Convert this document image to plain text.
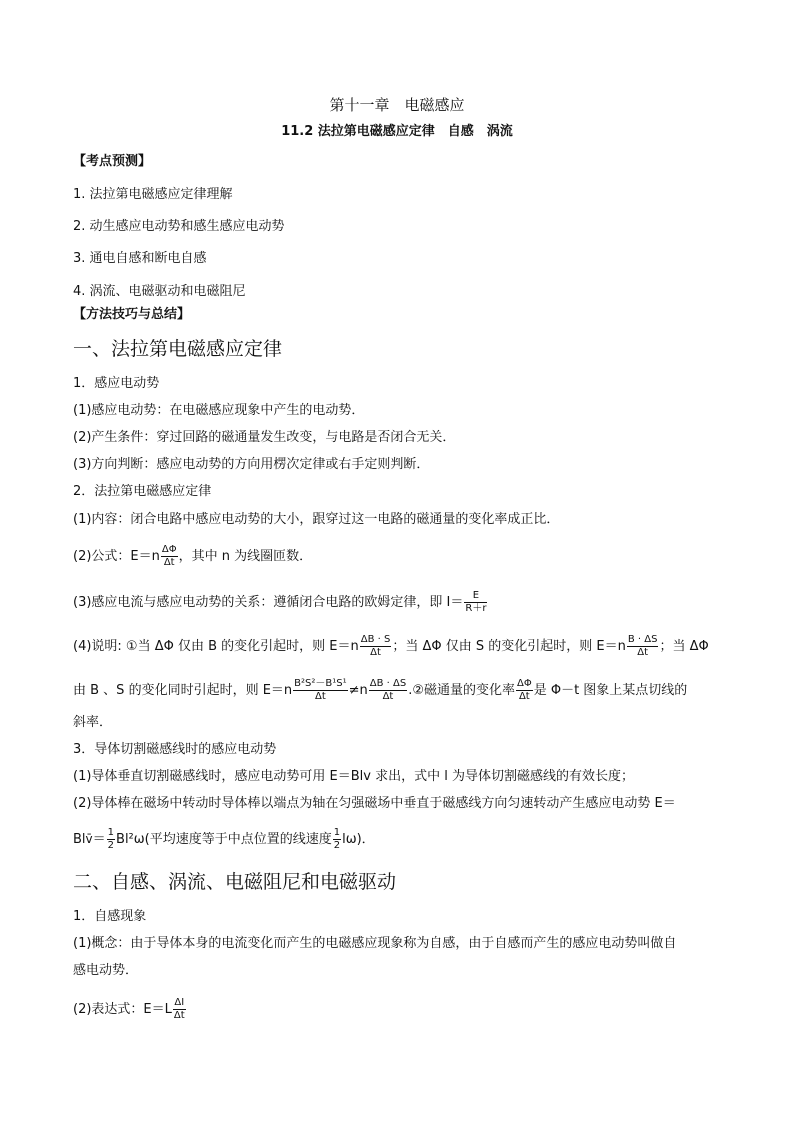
第十一章　电磁感应
11.2 法拉第电磁感应定律　自感　涡流
【考点预测】
1. 法拉第电磁感应定律理解
2. 动生感应电动势和感生感应电动势
3. 通电自感和断电自感
4. 涡流、电磁驱动和电磁阻尼
【方法技巧与总结】
一、法拉第电磁感应定律
1．感应电动势
(1)感应电动势：在电磁感应现象中产生的电动势．
(2)产生条件：穿过回路的磁通量发生改变，与电路是否闭合无关．
(3)方向判断：感应电动势的方向用楞次定律或右手定则判断．
2．法拉第电磁感应定律
(1)内容：闭合电路中感应电动势的大小，跟穿过这一电路的磁通量的变化率成正比．
(2)公式：$E=n \frac{\Delta\Phi}{\Delta t}$ ，其中 n 为线圈匝数．
(3)感应电流与感应电动势的关系：遵循闭合电路的欧姆定律，即 $I= \frac{E}{R+r}$
(4)说明: ①当 ΔΦ 仅由 B 的变化引起时，则 $E=n \frac{\Delta B \cdot S}{\Delta t}$ ；当 ΔΦ 仅由 S 的变化引起时，则 $E=n \frac{B \cdot \Delta S}{\Delta t}$ ；当 ΔΦ
由 B 、S 的变化同时引起时，则 $E=n \frac{\text{B²S²－B¹S¹}}{\Delta t} \ne n \frac{\Delta B \cdot \Delta S}{\Delta t}$ .②磁通量的变化率 $\frac{\Delta\Phi}{\Delta t}$ 是 Φ－t 图象上某点切线的
斜率．
3．导体切割磁感线时的感应电动势
(1)导体垂直切割磁感线时，感应电动势可用 E＝Blv 求出，式中 l 为导体切割磁感线的有效长度；
(2)导体棒在磁场中转动时导体棒以端点为轴在匀强磁场中垂直于磁感线方向匀速转动产生感应电动势 E＝
Blv̄＝ $\frac{1}{2} Bl^2\omega$(平均速度等于中点位置的线速度 $\frac{1}{2} l\omega$)．
二、自感、涡流、电磁阻尼和电磁驱动
1．自感现象
(1)概念：由于导体本身的电流变化而产生的电磁感应现象称为自感，由于自感而产生的感应电动势叫做自
感电动势．
(2)表达式：$E=L \frac{\Delta I}{\Delta t}$
